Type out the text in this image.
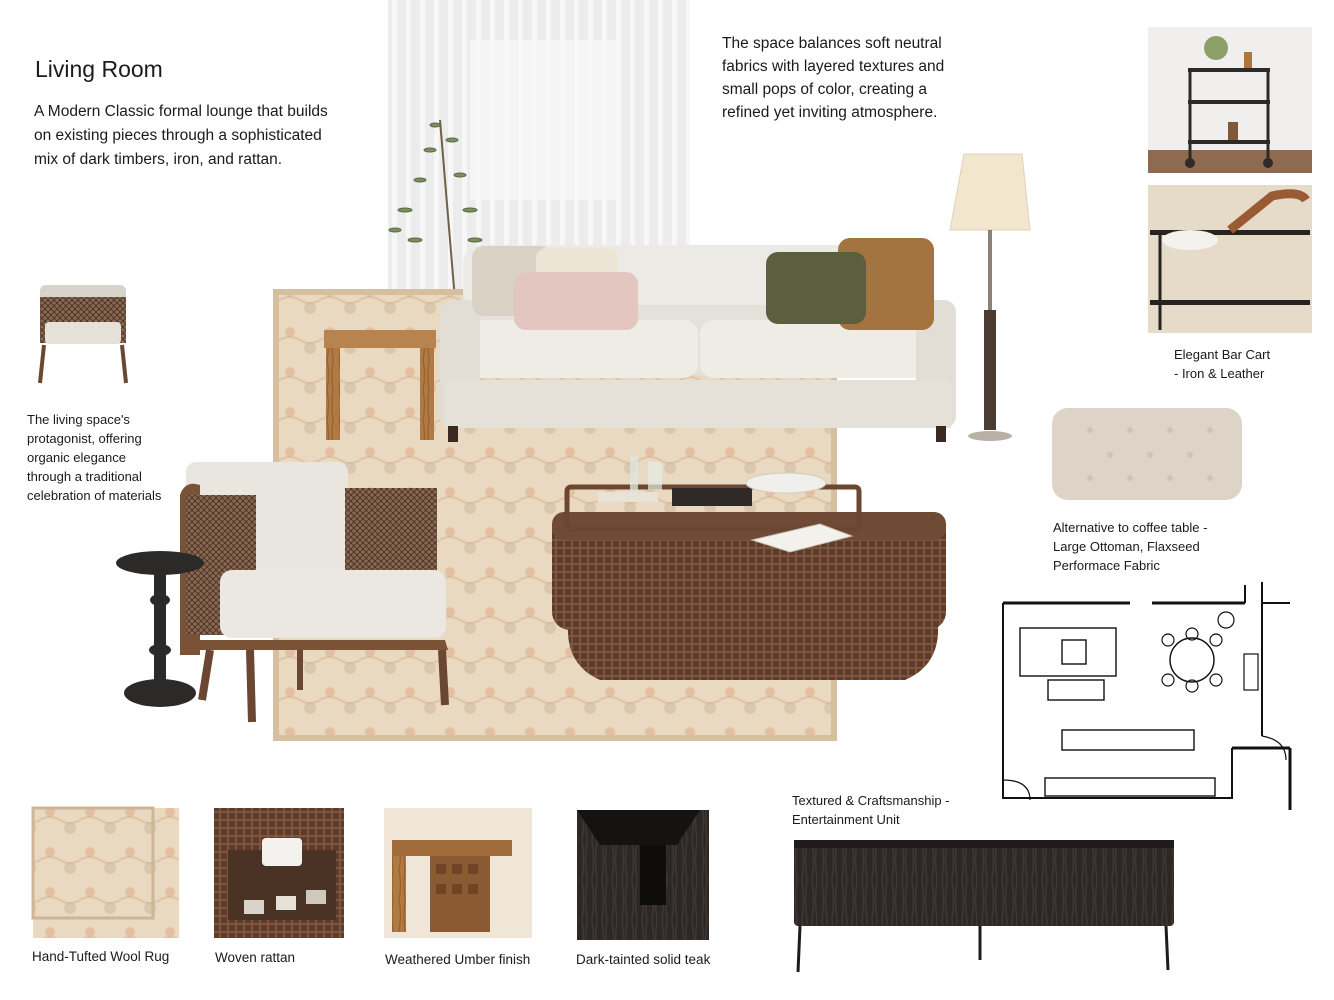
Living Room
A Modern Classic formal lounge that builds on existing pieces through a sophisticated mix of dark timbers, iron, and rattan.
The space balances soft neutral fabrics with layered textures and small pops of color, creating a refined yet inviting atmosphere.
The living space's protagonist, offering organic elegance through a traditional celebration of materials
Elegant Bar Cart
- Iron & Leather
Alternative to coffee table - Large Ottoman, Flaxseed Performace Fabric
Textured & Craftsmanship -
Entertainment Unit
Hand-Tufted Wool Rug	Woven rattan	Weathered Umber finish	Dark-tainted solid teak
